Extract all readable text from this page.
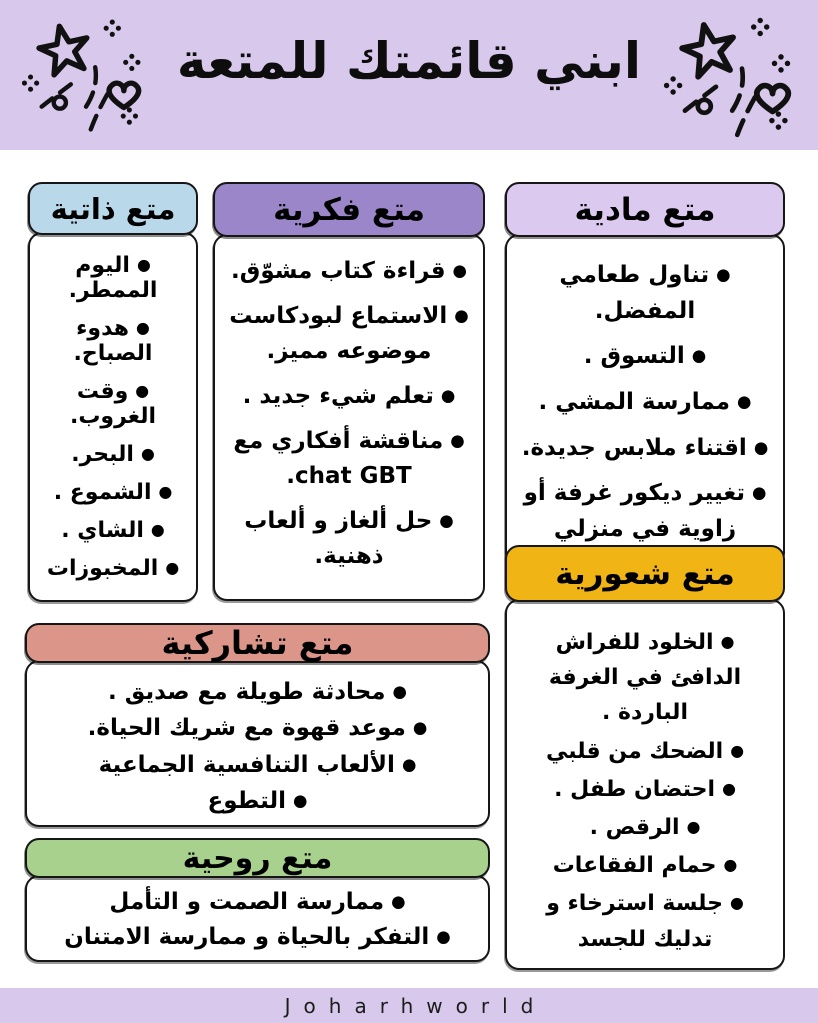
ابني قائمتك للمتعة
متع ذاتية
●اليوم الممطر.
●هدوء الصباح.
●وقت الغروب.
●البحر.
●الشموع .
●الشاي .
●المخبوزات
متع فكرية
●قراءة كتاب مشوّق.
●الاستماع لبودكاست موضوعه مميز.
●تعلم شيء جديد .
●مناقشة أفكاري مع chat GBT.
●حل ألغاز و ألعاب ذهنية.
متع مادية
●تناول طعامي المفضل.
●التسوق .
●ممارسة المشي .
●اقتناء ملابس جديدة.
●تغيير ديكور غرفة أو زاوية في منزلي
متع شعورية
●الخلود للفراش الدافئ في الغرفة الباردة .
●الضحك من قلبي
●احتضان طفل .
●الرقص .
●حمام الفقاعات
●جلسة استرخاء و تدليك للجسد
متع تشاركية
●محادثة طويلة مع صديق .
●موعد قهوة مع شريك الحياة.
●الألعاب التنافسية الجماعية
●التطوع
متع روحية
●ممارسة الصمت و التأمل
●التفكر بالحياة و ممارسة الامتنان
Joharhworld
